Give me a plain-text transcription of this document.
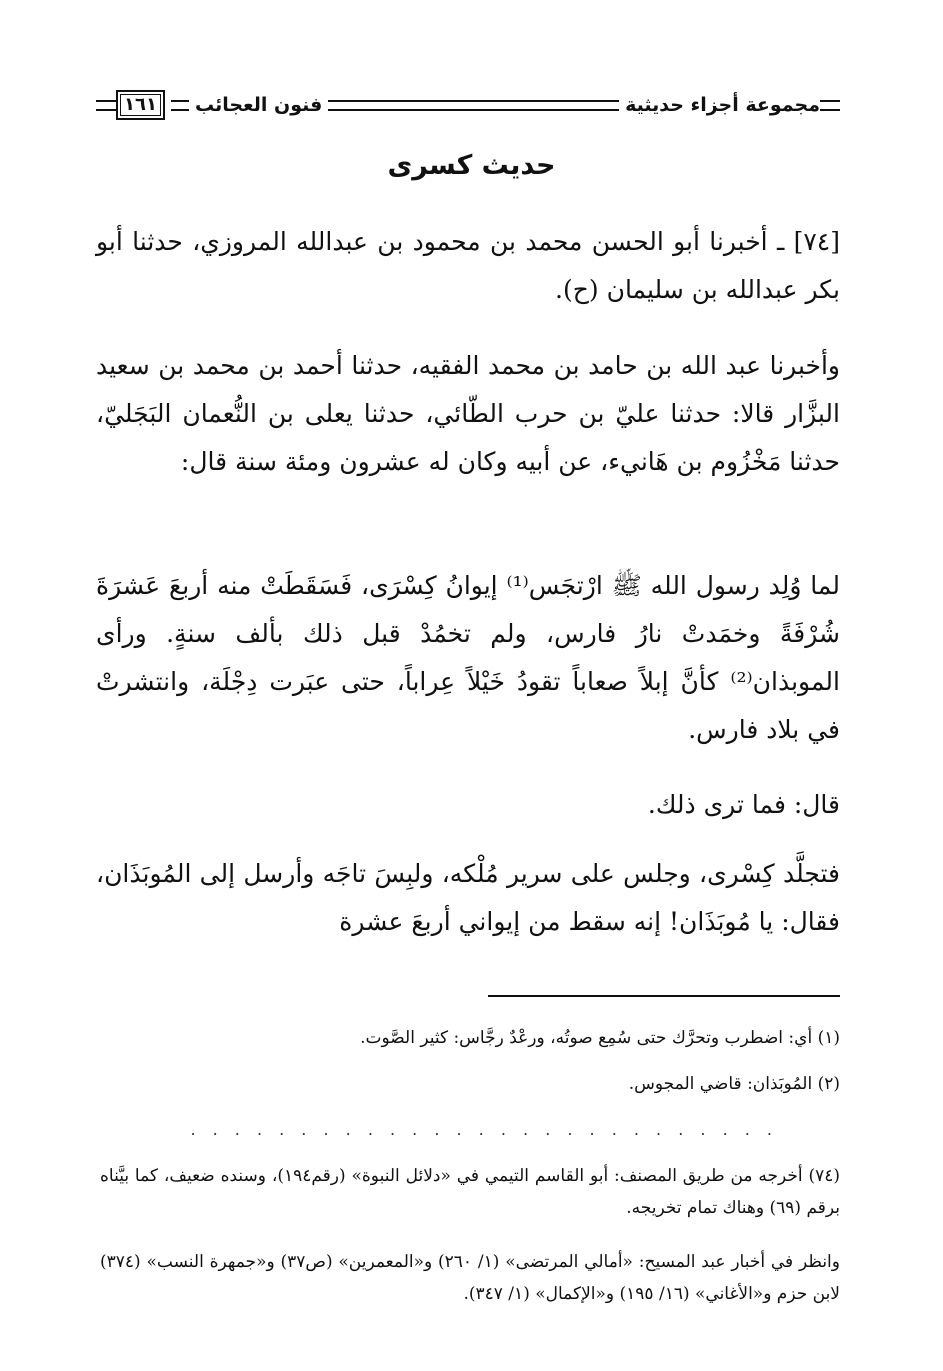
مجموعة أجزاء حديثية
فنون العجائب
١٦١
حديث كسرى

[٧٤] ـ أخبرنا أبو الحسن محمد بن محمود بن عبدالله المروزي، حدثنا أبو بكر عبدالله بن سليمان (ح).

وأخبرنا عبد الله بن حامد بن محمد الفقيه، حدثنا أحمد بن محمد بن سعيد البزَّار قالا: حدثنا عليّ بن حرب الطّائي، حدثنا يعلى بن النُّعمان البَجَليّ، حدثنا مَخْزُوم بن هَانيء، عن أبيه وكان له عشرون ومئة سنة قال:

لما وُلِد رسول الله ﷺ ارْتجَس⁽¹⁾ إيوانُ كِسْرَى، فَسَقَطَتْ منه أربعَ عَشرَةَ شُرْفَةً وخمَدتْ نارُ فارس، ولم تخمُدْ قبل ذلك بألف سنةٍ. ورأى الموبذان⁽²⁾ كأنَّ إبلاً صعاباً تقودُ خَيْلاً عِراباً، حتى عبَرت دِجْلَة، وانتشرتْ في بلاد فارس.

قال: فما ترى ذلك.

فتجلَّد كِسْرى، وجلس على سرير مُلْكه، ولبِسَ تاجَه وأرسل إلى المُوبَذَان، فقال: يا مُوبَذَان! إنه سقط من إيواني أربعَ عشرة

(١) أي: اضطرب وتحرَّك حتى سُمِع صوتُه، ورعْدٌ رجَّاس: كثير الصَّوت.

(٢) المُوبَذان: قاضي المجوس.

. . . . . . . . . . . . . . . . . . . . . . . . . . .

(٧٤) أخرجه من طريق المصنف: أبو القاسم التيمي في «دلائل النبوة» (رقم١٩٤)، وسنده ضعيف، كما بيَّناه برقم (٦٩) وهناك تمام تخريجه.

وانظر في أخبار عبد المسيح: «أمالي المرتضى» (١/ ٢٦٠) و«المعمرين» (ص٣٧) و«جمهرة النسب» (٣٧٤) لابن حزم و«الأغاني» (١٦/ ١٩٥) و«الإكمال» (١/ ٣٤٧).
